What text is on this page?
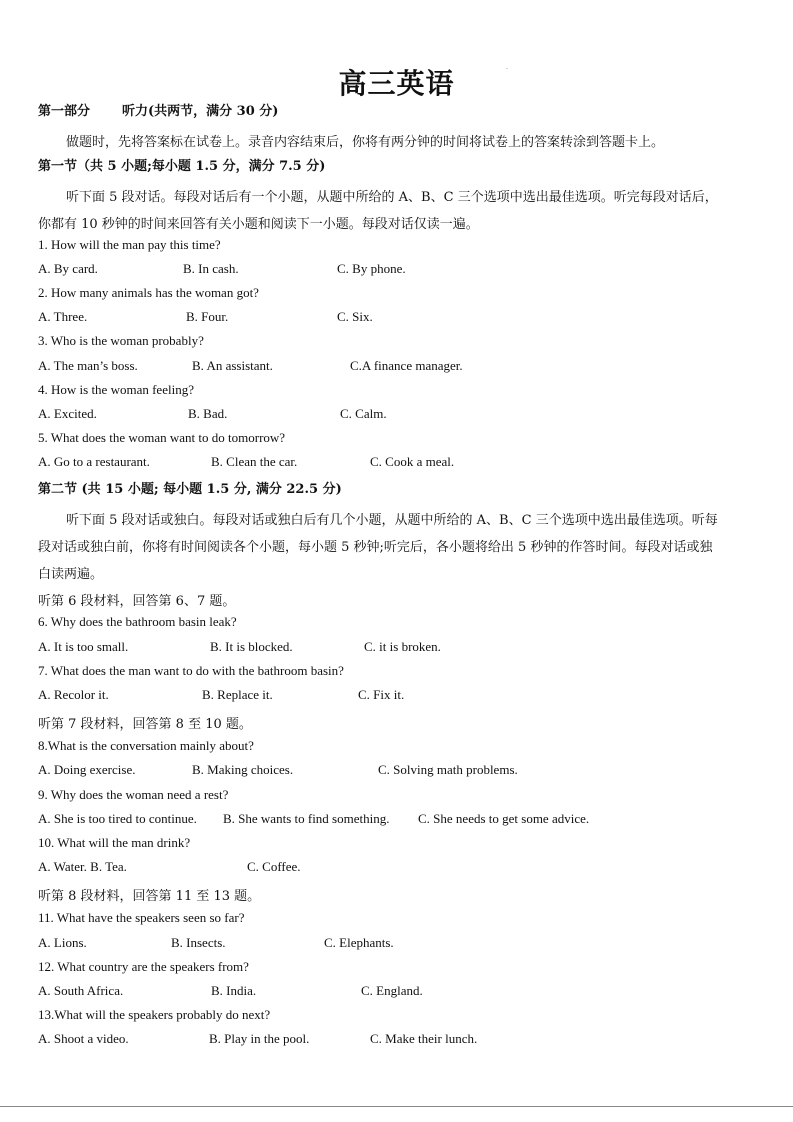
高三英语	·
第一部分 听力(共两节，满分 30 分)
做题时，先将答案标在试卷上。录音内容结束后，你将有两分钟的时间将试卷上的答案转涂到答题卡上。
第一节（共 5 小题;每小题 1.5 分，满分 7.5 分)
听下面 5 段对话。每段对话后有一个小题，从题中所给的 A、B、C 三个选项中选出最佳选项。听完每段对话后，
你都有 10 秒钟的时间来回答有关小题和阅读下一小题。每段对话仅读一遍。
1. How will the man pay this time?
A. By card.	B. In cash.	C. By phone.
2. How many animals has the woman got?
A. Three.	B. Four.	C. Six.
3. Who is the woman probably?
A. The man’s boss.	B. An assistant.	C.A finance manager.
4. How is the woman feeling?
A. Excited.	B. Bad.	C. Calm.
5. What does the woman want to do tomorrow?
A. Go to a restaurant.	B. Clean the car.	C. Cook a meal.
第二节 (共 15 小题; 每小题 1.5 分, 满分 22.5 分)
听下面 5 段对话或独白。每段对话或独白后有几个小题，从题中所给的 A、B、C 三个选项中选出最佳选项。听每
段对话或独白前，你将有时间阅读各个小题，每小题 5 秒钟;听完后，各小题将给出 5 秒钟的作答时间。每段对话或独
白读两遍。
听第 6 段材料，回答第 6、7 题。
6. Why does the bathroom basin leak?
A. It is too small.	B. It is blocked.	C. it is broken.
7. What does the man want to do with the bathroom basin?
A. Recolor it.	B. Replace it.	C. Fix it.
听第 7 段材料，回答第 8 至 10 题。
8.What is the conversation mainly about?
A. Doing exercise.	B. Making choices.	C. Solving math problems.
9. Why does the woman need a rest?
A. She is too tired to continue. B. She wants to find something. C. She needs to get some advice.
10. What will the man drink?
A. Water. B. Tea.	C. Coffee.
听第 8 段材料，回答第 11 至 13 题。
11. What have the speakers seen so far?
A. Lions.	B. Insects.	C. Elephants.
12. What country are the speakers from?
A. South Africa.	B. India.	C. England.
13.What will the speakers probably do next?
A. Shoot a video.	B. Play in the pool.	C. Make their lunch.
